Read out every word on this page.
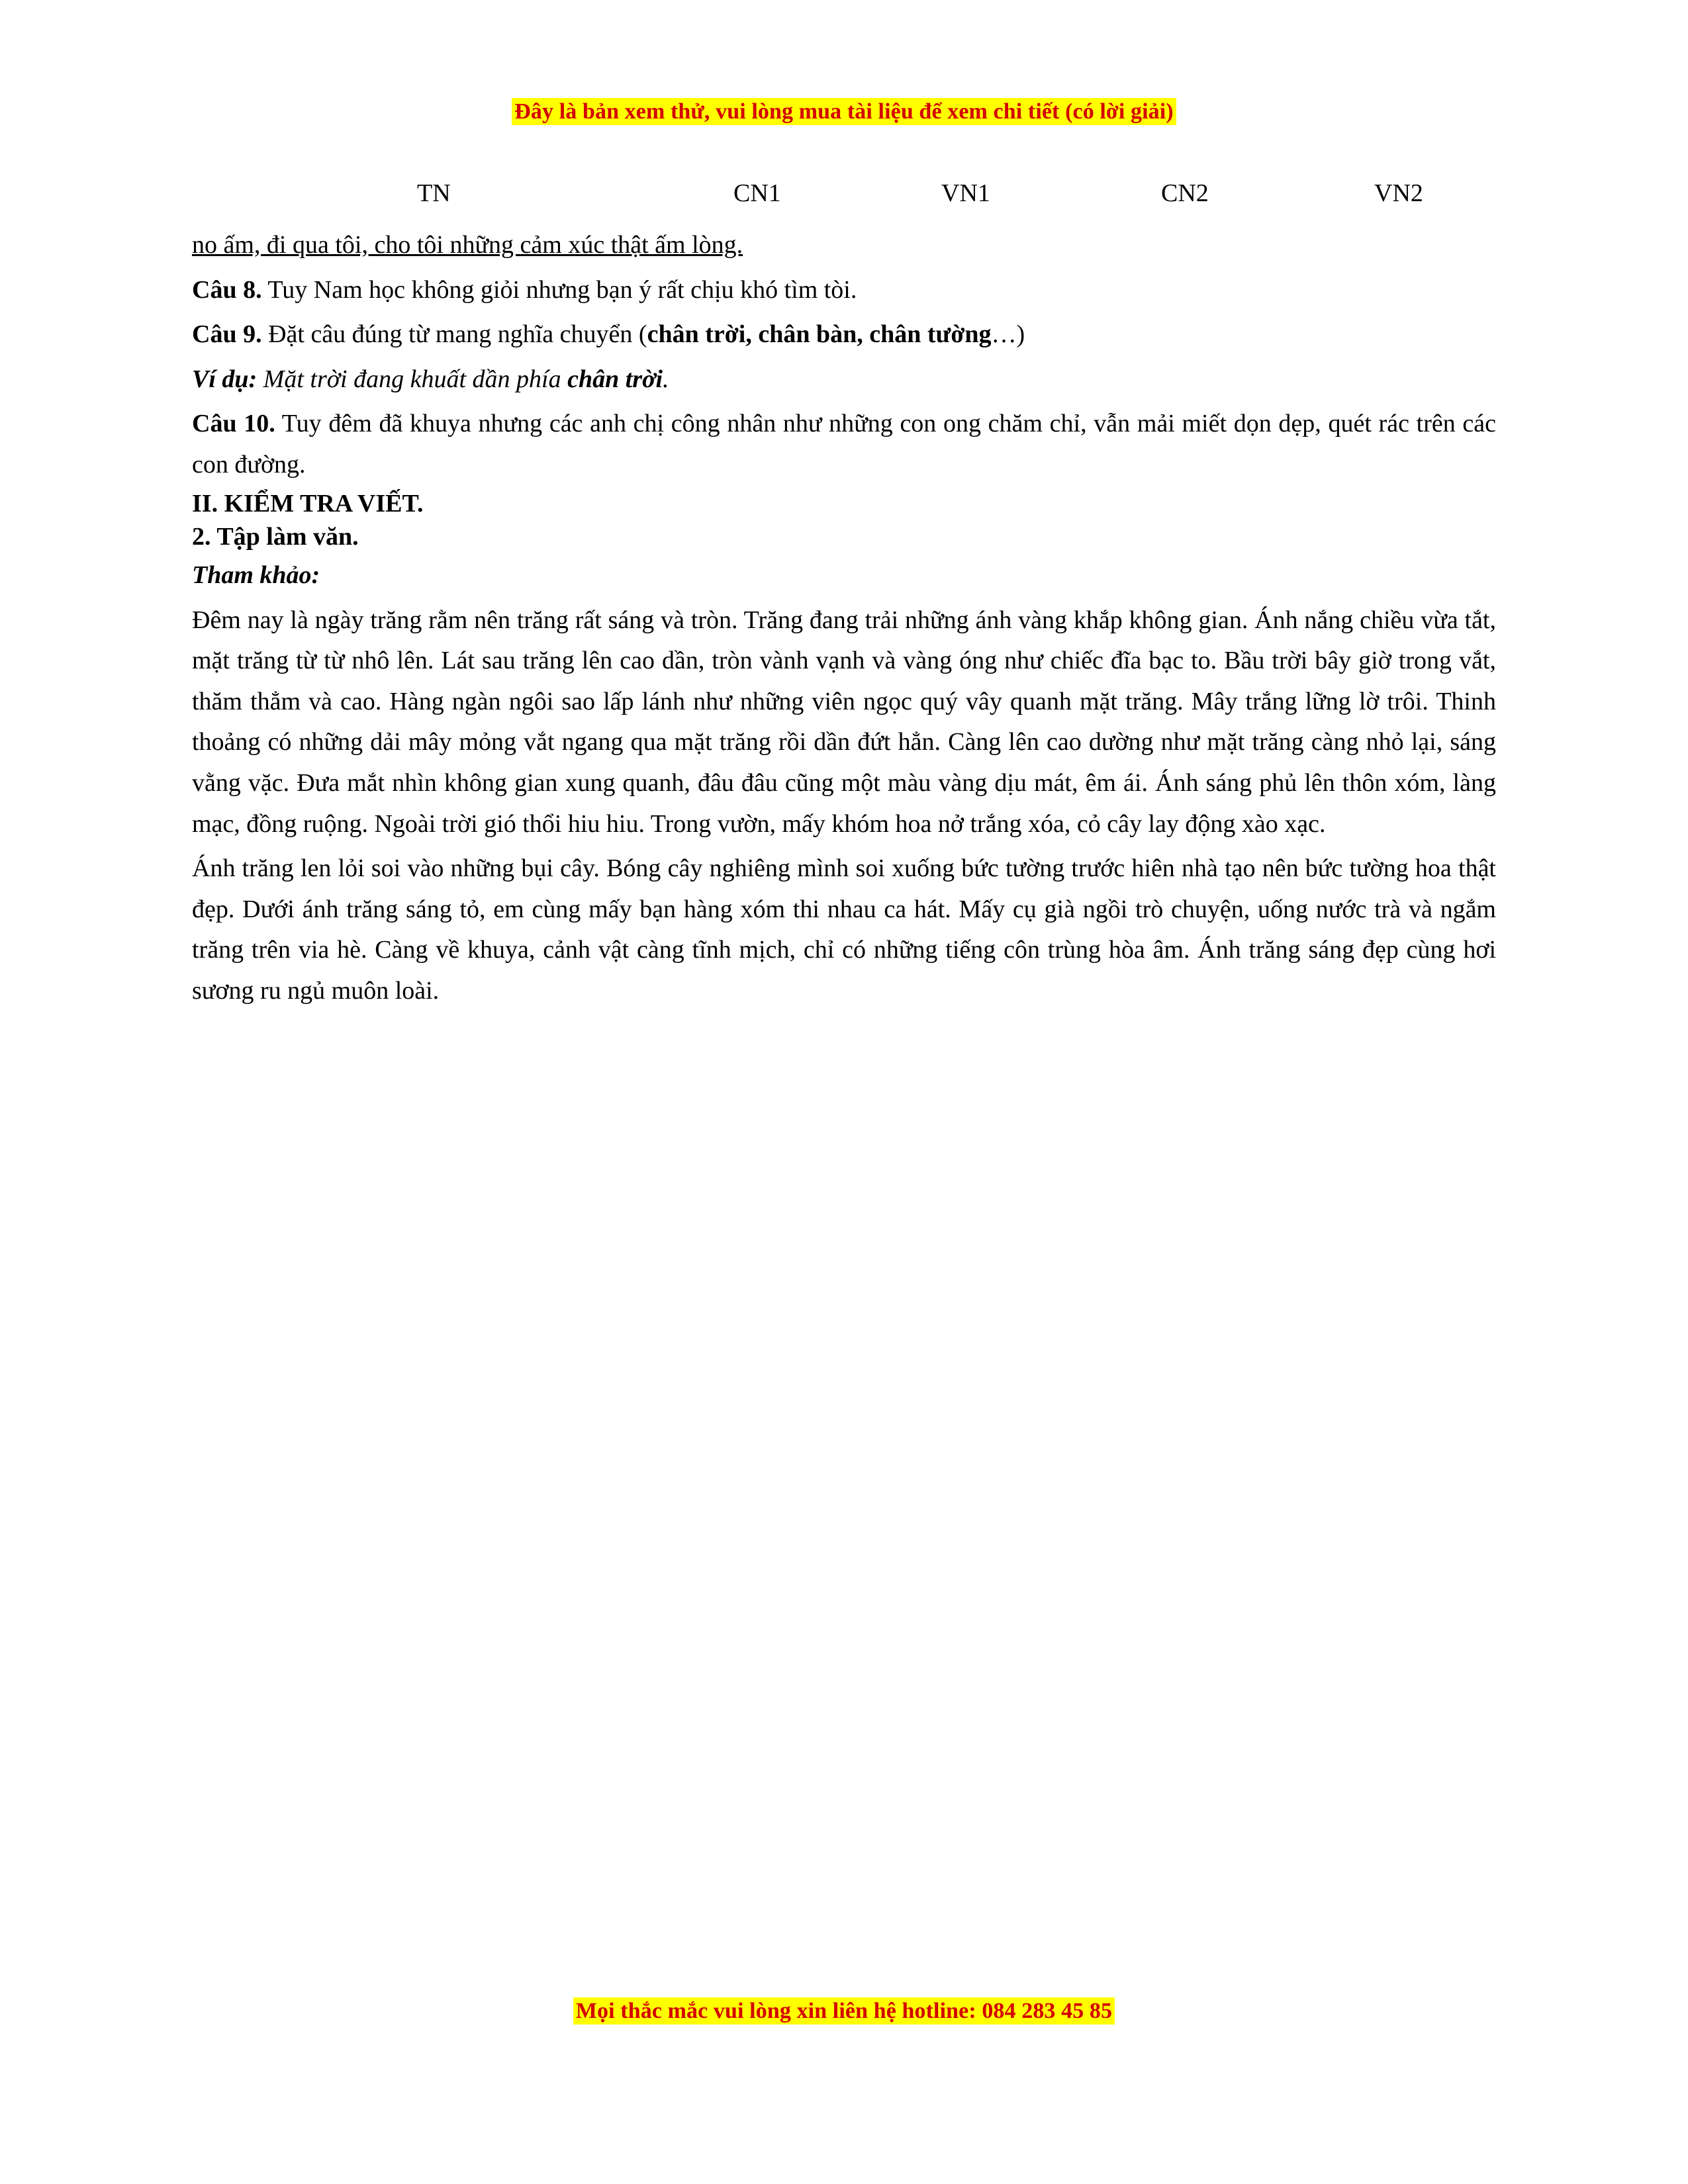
Đây là bản xem thử, vui lòng mua tài liệu để xem chi tiết (có lời giải)
TN	CN1	VN1	CN2	VN2

no ấm, đi qua tôi, cho tôi những cảm xúc thật ấm lòng.

Câu 8. Tuy Nam học không giỏi nhưng bạn ý rất chịu khó tìm tòi.

Câu 9. Đặt câu đúng từ mang nghĩa chuyển (chân trời, chân bàn, chân tường…)

Ví dụ: Mặt trời đang khuất dần phía chân trời.

Câu 10. Tuy đêm đã khuya nhưng các anh chị công nhân như những con ong chăm chỉ, vẫn mải miết dọn dẹp, quét rác trên các con đường.

II. KIỂM TRA VIẾT.

2. Tập làm văn.

Tham khảo:

Đêm nay là ngày trăng rằm nên trăng rất sáng và tròn. Trăng đang trải những ánh vàng khắp không gian. Ánh nắng chiều vừa tắt, mặt trăng từ từ nhô lên. Lát sau trăng lên cao dần, tròn vành vạnh và vàng óng như chiếc đĩa bạc to. Bầu trời bây giờ trong vắt, thăm thẳm và cao. Hàng ngàn ngôi sao lấp lánh như những viên ngọc quý vây quanh mặt trăng. Mây trắng lững lờ trôi. Thinh thoảng có những dải mây mỏng vắt ngang qua mặt trăng rồi dần đứt hẳn. Càng lên cao dường như mặt trăng càng nhỏ lại, sáng vằng vặc. Đưa mắt nhìn không gian xung quanh, đâu đâu cũng một màu vàng dịu mát, êm ái. Ánh sáng phủ lên thôn xóm, làng mạc, đồng ruộng. Ngoài trời gió thổi hiu hiu. Trong vườn, mấy khóm hoa nở trắng xóa, cỏ cây lay động xào xạc.

Ánh trăng len lỏi soi vào những bụi cây. Bóng cây nghiêng mình soi xuống bức tường trước hiên nhà tạo nên bức tường hoa thật đẹp. Dưới ánh trăng sáng tỏ, em cùng mấy bạn hàng xóm thi nhau ca hát. Mấy cụ già ngồi trò chuyện, uống nước trà và ngắm trăng trên via hè. Càng về khuya, cảnh vật càng tĩnh mịch, chỉ có những tiếng côn trùng hòa âm. Ánh trăng sáng đẹp cùng hơi sương ru ngủ muôn loài.

Mọi thắc mắc vui lòng xin liên hệ hotline: 084 283 45 85
